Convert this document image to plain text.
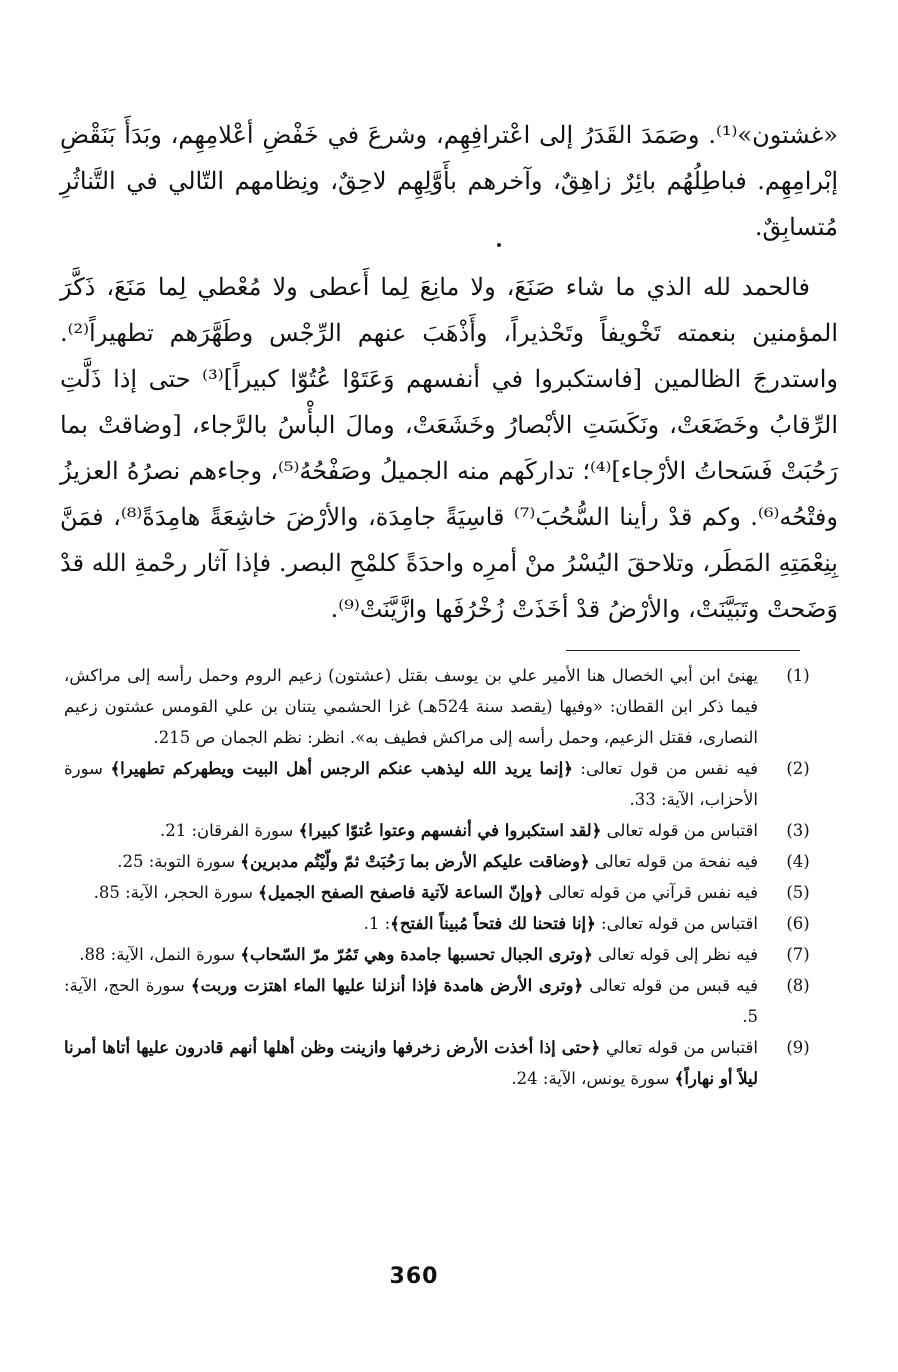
«غشتون»⁽¹⁾. وصَمَدَ القَدَرُ إلى اعْترافِهِم، وشرعَ في خَفْضِ أعْلامِهِم، وبَدَأَ بَنَقْضِ إبْرامِهِم. فباطِلُهُم بائِرٌ زاهِقٌ، وآخرهم بأَوَّلِهِم لاحِقٌ، ونِظامهم التّالي في التَّناثُرِ مُتسابِقٌ.

فالحمد لله الذي ما شاء صَنَعَ، ولا مانِعَ لِما أَعطى ولا مُعْطي لِما مَنَعَ، ذَكَّرَ المؤمنين بنعمته تَخْويفاً وتَحْذيراً، وأَذْهَبَ عنهم الرِّجْس وطَهَّرَهم تطهيراً⁽²⁾. واستدرجَ الظالمين [فاستكبروا في أنفسهم وَعَتَوْا عُتُوّا كبيراً]⁽³⁾ حتى إذا ذَلَّتِ الرِّقابُ وخَضَعَتْ، ونَكَسَتِ الأبْصارُ وخَشَعَتْ، ومالَ البأْسُ بالرَّجاء، [وضاقتْ بما رَحُبَتْ فَسَحاتُ الأرْجاء]⁽⁴⁾؛ تداركَهم منه الجميلُ وصَفْحُهُ⁽⁵⁾، وجاءهم نصرُهُ العزيزُ وفتْحُه⁽⁶⁾. وكم قدْ رأينا السُّحُبَ⁽⁷⁾ قاسِيَةً جامِدَة، والأرْضَ خاشِعَةً هامِدَةً⁽⁸⁾، فمَنَّ بِنِعْمَتِهِ المَطَر، وتلاحقَ اليُسْرُ منْ أمرِه واحدَةً كلمْحِ البصر. فإذا آثار رحْمةِ الله قدْ وَضَحتْ وتَبَيَّنَتْ، والأرْضُ قدْ أخَذَتْ زُخْرُفَها وازَّيَّنَتْ⁽⁹⁾.

(1)
يهنئ ابن أبي الخصال هنا الأمير علي بن يوسف بقتل (عشتون) زعيم الروم وحمل رأسه إلى مراكش، فيما ذكر ابن القطان: «وفيها (يقصد سنة 524هـ) غزا الحشمي يتنان بن علي القومس عشتون زعيم النصارى، فقتل الزعيم، وحمل رأسه إلى مراكش فطيف به». انظر: نظم الجمان ص 215.
(2)
فيه نفس من قول تعالى: ﴿إنما يريد الله ليذهب عنكم الرجس أهل البيت ويطهركم تطهيرا﴾ سورة الأحزاب، الآية: 33.
(3)
اقتباس من قوله تعالى ﴿لقد استكبروا في أنفسهم وعتوا عُتوّا كبيرا﴾ سورة الفرقان: 21.
(4)
فيه نفحة من قوله تعالى ﴿وضاقت عليكم الأرض بما رَحُبَتْ ثمّ ولّيْتُم مدبرين﴾ سورة التوبة: 25.
(5)
فيه نفس قرآني من قوله تعالى ﴿وإنّ الساعة لآتية فاصفح الصفح الجميل﴾ سورة الحجر، الآية: 85.
(6)
اقتباس من قوله تعالى: ﴿إنا فتحنا لك فتحاً مُبيناً الفتح﴾: 1.
(7)
فيه نظر إلى قوله تعالى ﴿وترى الجبال تحسبها جامدة وهي تَمُرّ مرّ السّحاب﴾ سورة النمل، الآية: 88.
(8)
فيه قبس من قوله تعالى ﴿وترى الأرض هامدة فإذا أنزلنا عليها الماء اهتزت وربت﴾ سورة الحج، الآية: 5.
(9)
اقتباس من قوله تعالي ﴿حتى إذا أخذت الأرض زخرفها وازينت وظن أهلها أنهم قادرون عليها أتاها أمرنا ليلاً أو نهاراً﴾ سورة يونس، الآية: 24.
360
